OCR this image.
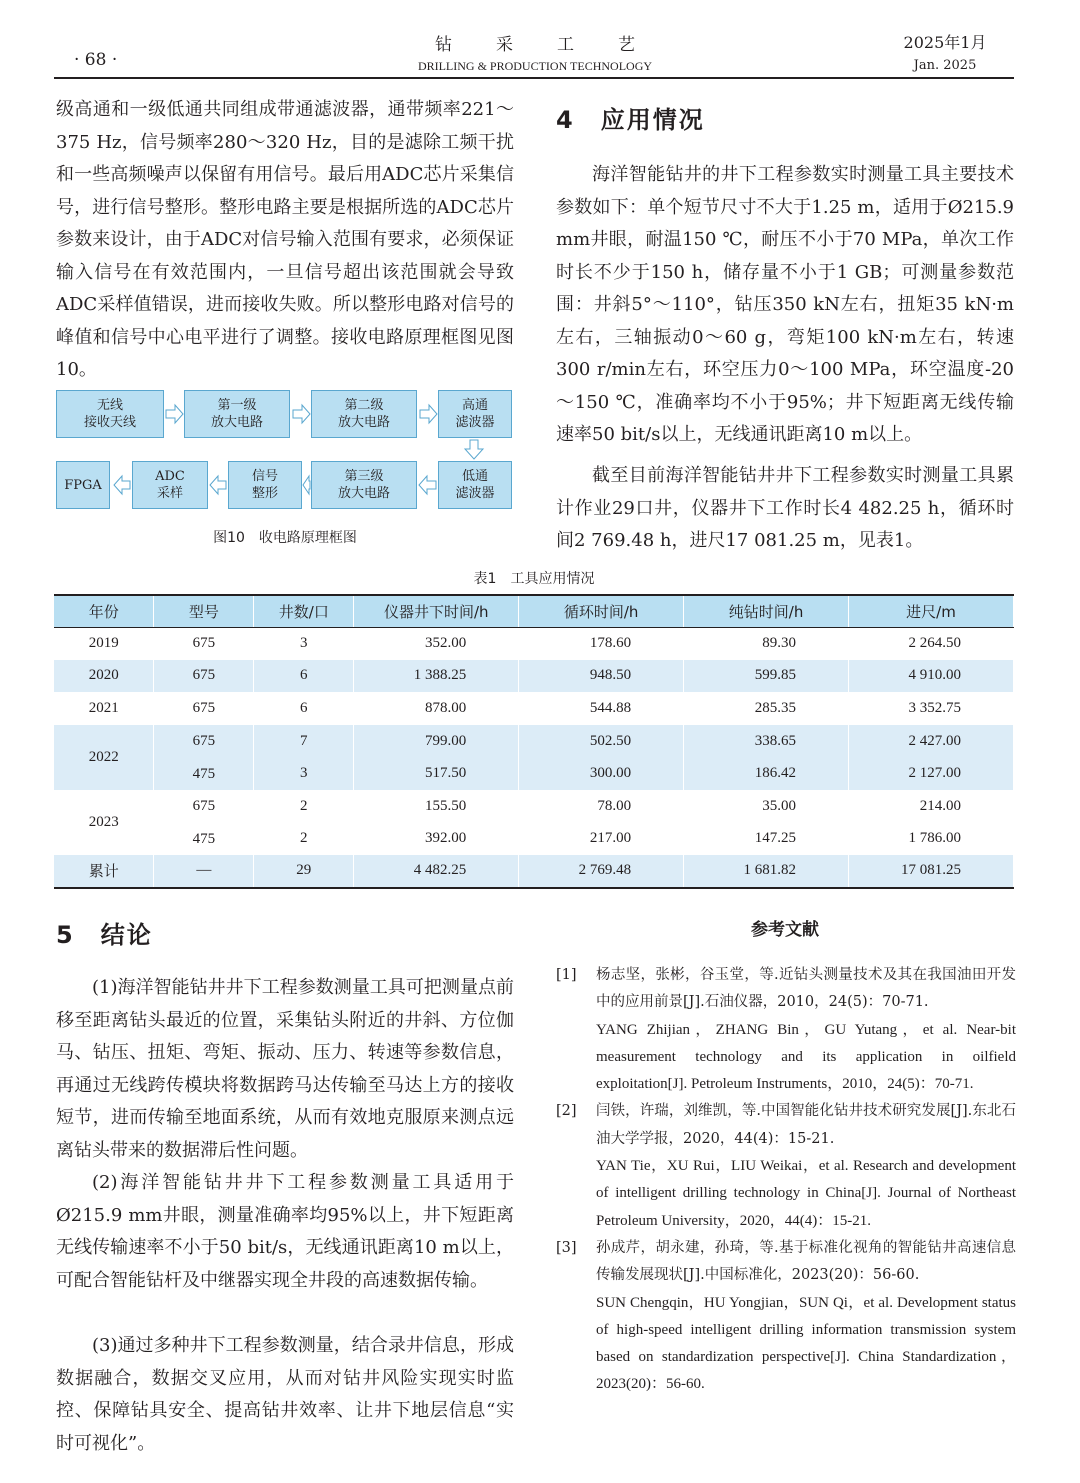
· 68 ·
钻采工艺
DRILLING & PRODUCTION TECHNOLOGY
2025年1月
Jan. 2025
级高通和一级低通共同组成带通滤波器，通带频率221～375 Hz，信号频率280～320 Hz，目的是滤除工频干扰和一些高频噪声以保留有用信号。最后用ADC芯片采集信号，进行信号整形。整形电路主要是根据所选的ADC芯片参数来设计，由于ADC对信号输入范围有要求，必须保证输入信号在有效范围内，一旦信号超出该范围就会导致ADC采样值错误，进而接收失败。所以整形电路对信号的峰值和信号中心电平进行了调整。接收电路原理框图见图10。
无线
接收天线
第一级
放大电路
第二级
放大电路
高通
滤波器
FPGA
ADC
采样
信号
整形
第三级
放大电路
低通
滤波器
图10　收电路原理框图
4　应用情况
海洋智能钻井的井下工程参数实时测量工具主要技术参数如下：单个短节尺寸不大于1.25 m，适用于Ø215.9 mm井眼，耐温150 ℃，耐压不小于70 MPa，单次工作时长不少于150 h，储存量不小于1 GB；可测量参数范围：井斜5°～110°，钻压350 kN左右，扭矩35 kN·m左右，三轴振动0～60 g，弯矩100 kN·m左右，转速300 r/min左右，环空压力0～100 MPa，环空温度-20～150 ℃，准确率均不小于95%；井下短距离无线传输速率50 bit/s以上，无线通讯距离10 m以上。
截至目前海洋智能钻井井下工程参数实时测量工具累计作业29口井，仪器井下工作时长4 482.25 h，循环时间2 769.48 h，进尺17 081.25 m，见表1。
表1　工具应用情况
年份	型号	井数/口	仪器井下时间/h	循环时间/h	纯钻时间/h	进尺/m
2019	675	3	352.00	178.60	89.30	2 264.50
2020	675	6	1 388.25	948.50	599.85	4 910.00
2021	675	6	878.00	544.88	285.35	3 352.75
2022	675	7	799.00	502.50	338.65	2 427.00
	475	3	517.50	300.00	186.42	2 127.00
2023	675	2	155.50	78.00	35.00	214.00
	475	2	392.00	217.00	147.25	1 786.00
累计	—	29	4 482.25	2 769.48	1 681.82	17 081.25
5　结论
(1)海洋智能钻井井下工程参数测量工具可把测量点前移至距离钻头最近的位置，采集钻头附近的井斜、方位伽马、钻压、扭矩、弯矩、振动、压力、转速等参数信息，再通过无线跨传模块将数据跨马达传输至马达上方的接收短节，进而传输至地面系统，从而有效地克服原来测点远离钻头带来的数据滞后性问题。
(2)海洋智能钻井井下工程参数测量工具适用于Ø215.9 mm井眼，测量准确率均95%以上，井下短距离无线传输速率不小于50 bit/s，无线通讯距离10 m以上，可配合智能钻杆及中继器实现全井段的高速数据传输。
(3)通过多种井下工程参数测量，结合录井信息，形成数据融合，数据交叉应用，从而对钻井风险实现实时监控、保障钻具安全、提高钻井效率、让井下地层信息“实时可视化”。
参考文献
[1] 杨志坚，张彬，谷玉堂，等.近钻头测量技术及其在我国油田开发中的应用前景[J].石油仪器，2010，24(5)：70-71.
YANG Zhijian，ZHANG Bin，GU Yutang，et al. Near-bit measurement technology and its application in oilfield exploitation[J]. Petroleum Instruments，2010，24(5)：70-71.
[2] 闫铁，许瑞，刘维凯，等.中国智能化钻井技术研究发展[J].东北石油大学学报，2020，44(4)：15-21.
YAN Tie，XU Rui，LIU Weikai，et al. Research and development of intelligent drilling technology in China[J]. Journal of Northeast Petroleum University，2020，44(4)：15-21.
[3] 孙成芹，胡永建，孙琦，等.基于标准化视角的智能钻井高速信息传输发展现状[J].中国标准化，2023(20)：56-60.
SUN Chengqin，HU Yongjian，SUN Qi，et al. Development status of high-speed intelligent drilling information transmission system based on standardization perspective[J]. China Standardization，2023(20)：56-60.
